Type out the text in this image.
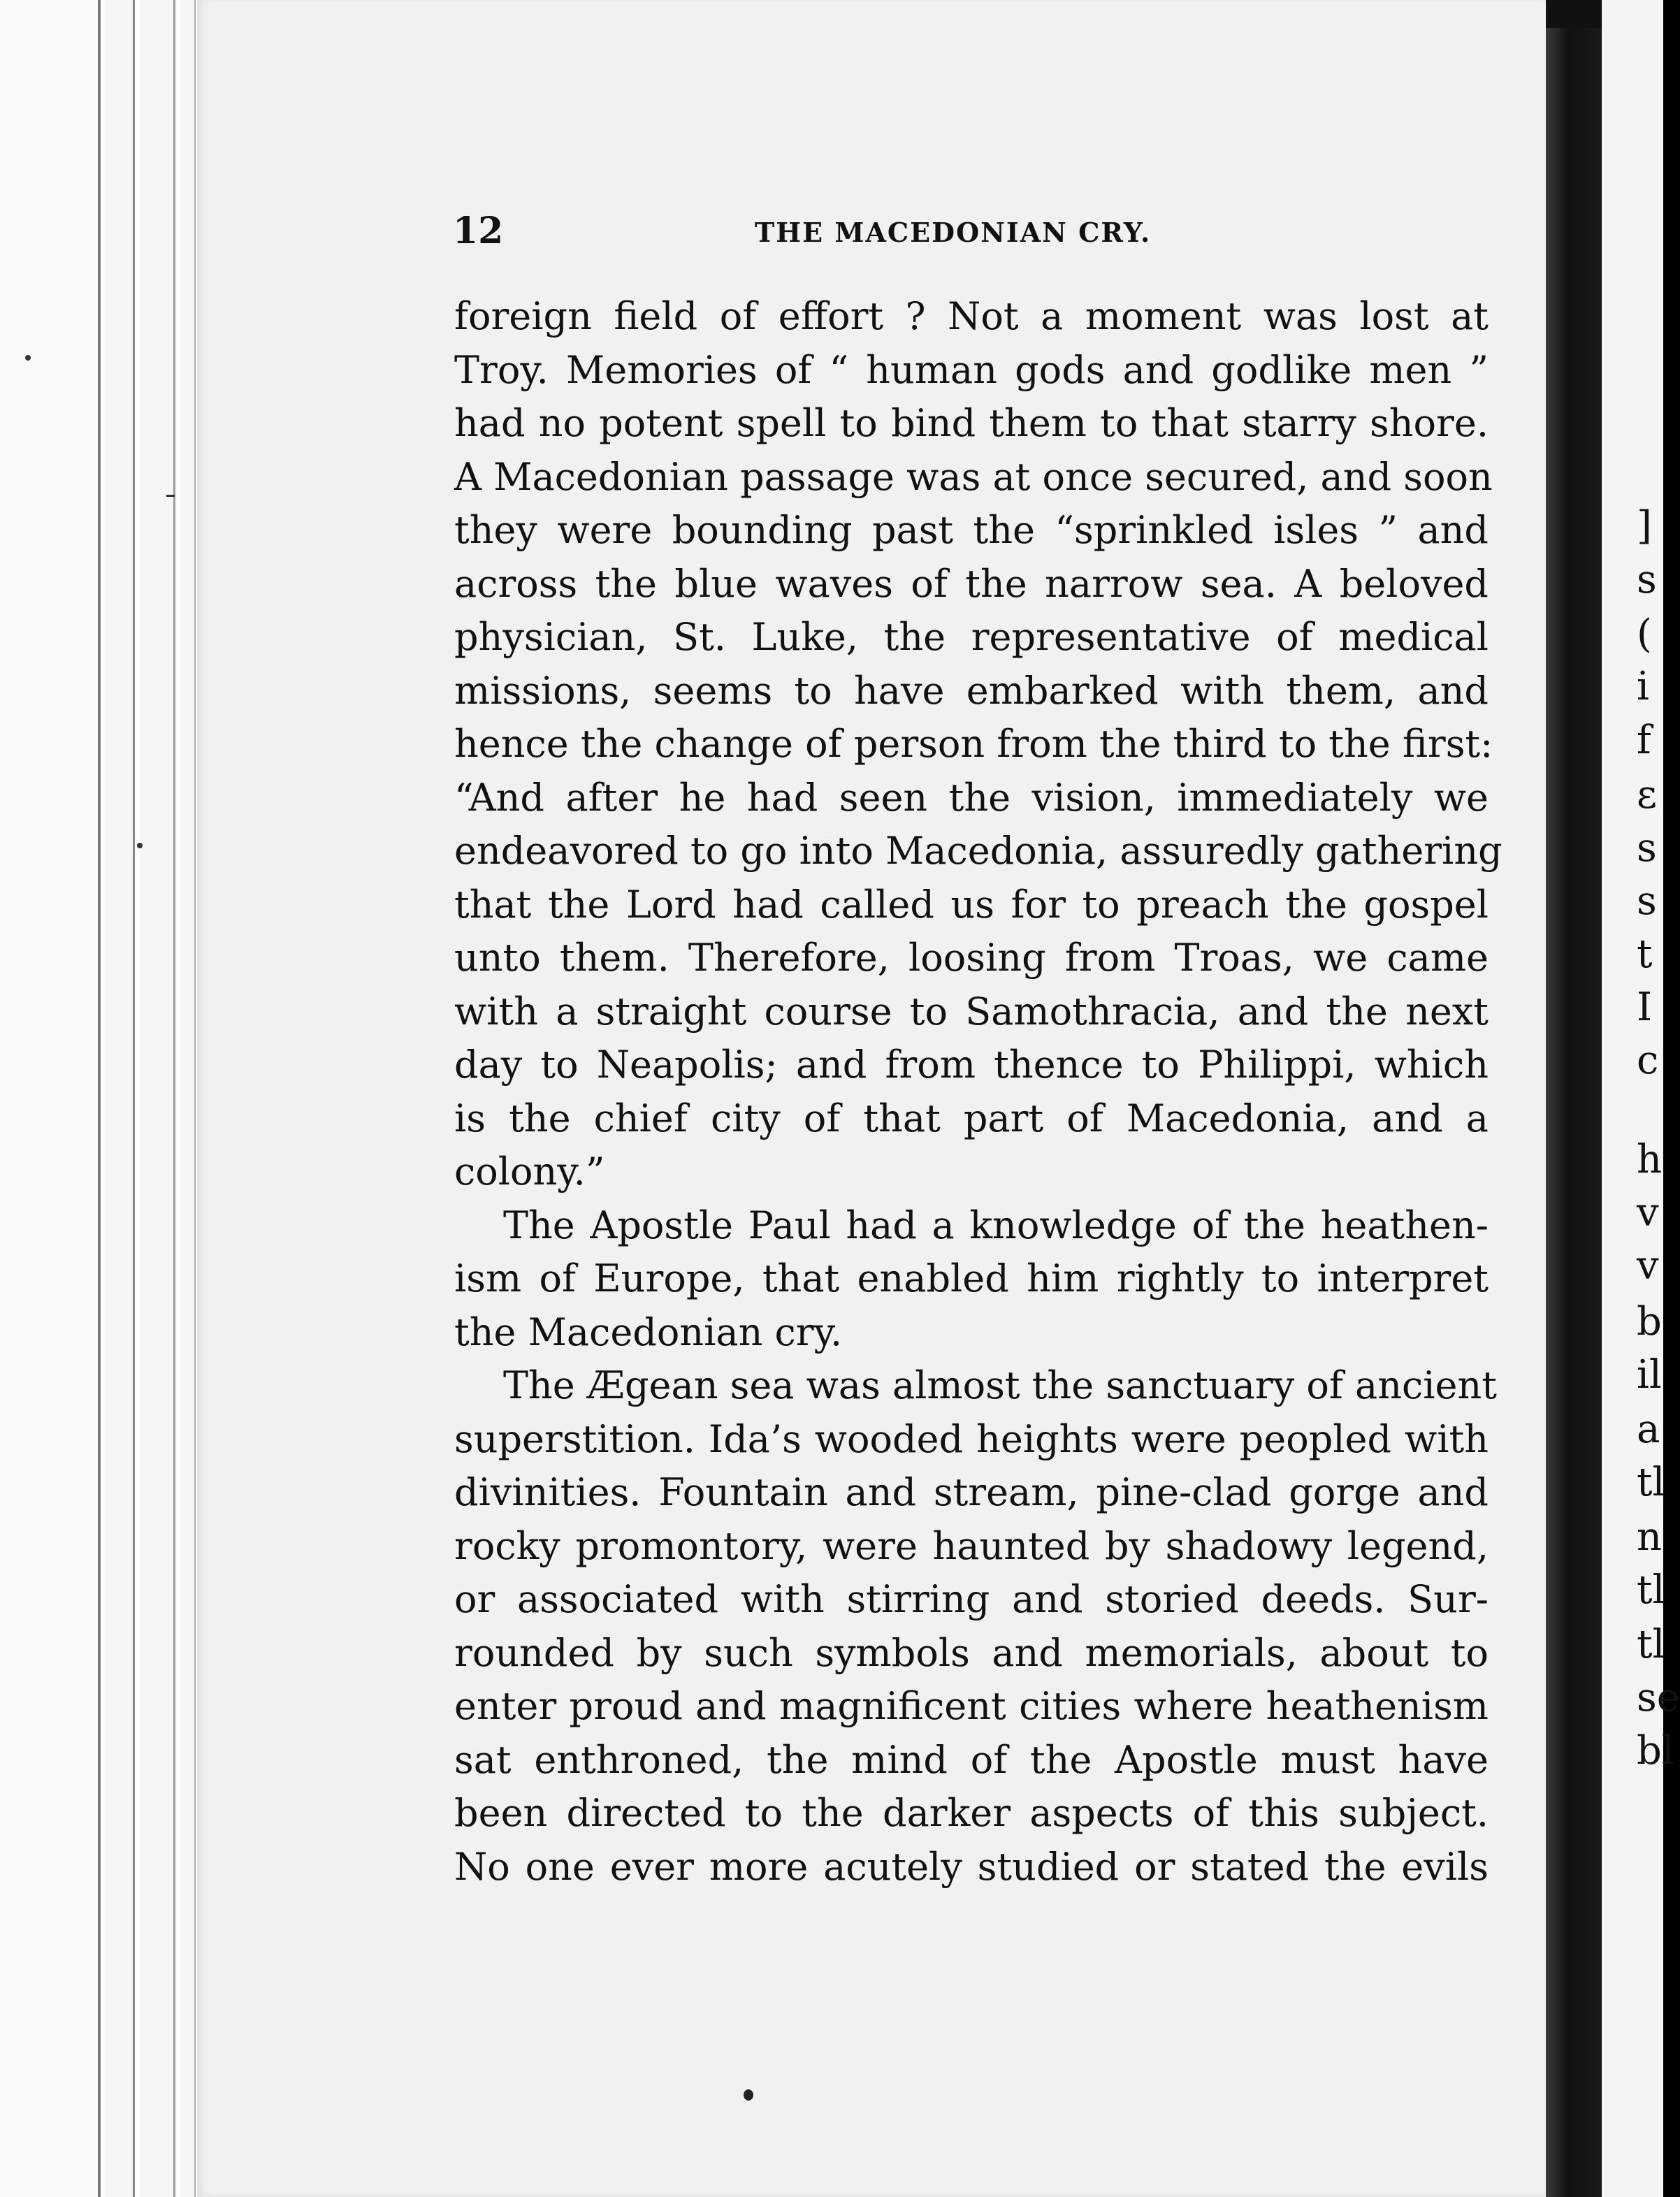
12	THE MACEDONIAN CRY.
foreign field of effort ? Not a moment was lost at
Troy. Memories of “ human gods and godlike men ”
had no potent spell to bind them to that starry shore.
A Macedonian passage was at once secured, and soon
they were bounding past the “sprinkled isles ” and
across the blue waves of the narrow sea. A beloved
physician, St. Luke, the representative of medical
missions, seems to have embarked with them, and
hence the change of person from the third to the first:
“And after he had seen the vision, immediately we
endeavored to go into Macedonia, assuredly gathering
that the Lord had called us for to preach the gospel
unto them. Therefore, loosing from Troas, we came
with a straight course to Samothracia, and the next
day to Neapolis; and from thence to Philippi, which
is the chief city of that part of Macedonia, and a
colony.”
The Apostle Paul had a knowledge of the heathen-
ism of Europe, that enabled him rightly to interpret
the Macedonian cry.
The Ægean sea was almost the sanctuary of ancient
superstition. Ida’s wooded heights were peopled with
divinities. Fountain and stream, pine-clad gorge and
rocky promontory, were haunted by shadowy legend,
or associated with stirring and storied deeds. Sur-
rounded by such symbols and memorials, about to
enter proud and magnificent cities where heathenism
sat enthroned, the mind of the Apostle must have
been directed to the darker aspects of this subject.
No one ever more acutely studied or stated the evils
]
s
(
i
f
ε
s
s
t
I
c
h
v
v
b
il
a
tl
n
tl
tl
se
bl
